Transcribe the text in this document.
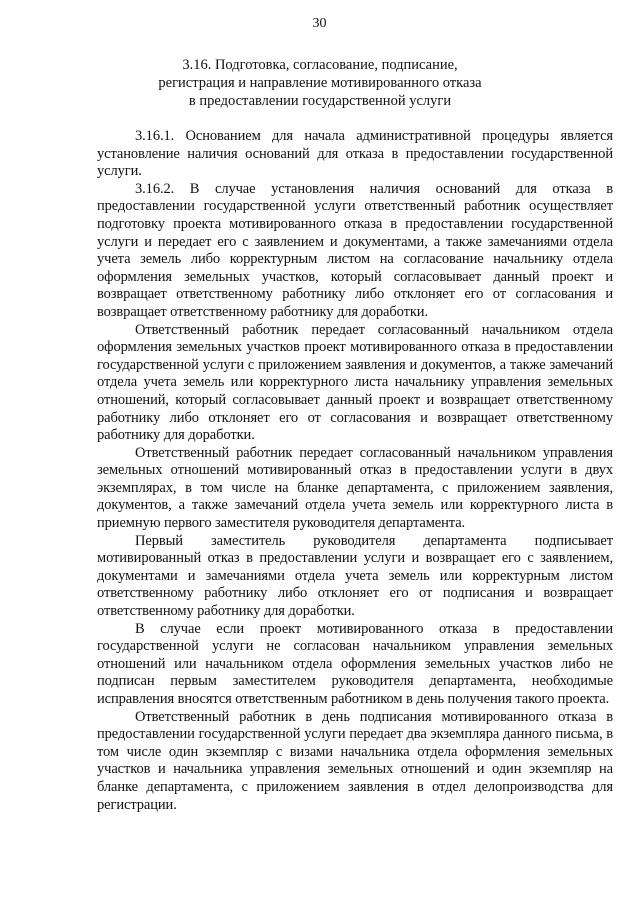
30
3.16. Подготовка, согласование, подписание,
регистрация и направление мотивированного отказа
в предоставлении государственной услуги

3.16.1. Основанием для начала административной процедуры является установление наличия оснований для отказа в предоставлении государственной услуги.

3.16.2. В случае установления наличия оснований для отказа в предоставлении государственной услуги ответственный работник осуществляет подготовку проекта мотивированного отказа в предоставлении государственной услуги и передает его с заявлением и документами, а также замечаниями отдела учета земель либо корректурным листом на согласование начальнику отдела оформления земельных участков, который согласовывает данный проект и возвращает ответственному работнику либо отклоняет его от согласования и возвращает ответственному работнику для доработки.

Ответственный работник передает согласованный начальником отдела оформления земельных участков проект мотивированного отказа в предоставлении государственной услуги с приложением заявления и документов, а также замечаний отдела учета земель или корректурного листа начальнику управления земельных отношений, который согласовывает данный проект и возвращает ответственному работнику либо отклоняет его от согласования и возвращает ответственному работнику для доработки.

Ответственный работник передает согласованный начальником управления земельных отношений мотивированный отказ в предоставлении услуги в двух экземплярах, в том числе на бланке департамента, с приложением заявления, документов, а также замечаний отдела учета земель или корректурного листа в приемную первого заместителя руководителя департамента.

Первый заместитель руководителя департамента подписывает мотивированный отказ в предоставлении услуги и возвращает его с заявлением, документами и замечаниями отдела учета земель или корректурным листом ответственному работнику либо отклоняет его от подписания и возвращает ответственному работнику для доработки.

В случае если проект мотивированного отказа в предоставлении государственной услуги не согласован начальником управления земельных отношений или начальником отдела оформления земельных участков либо не подписан первым заместителем руководителя департамента, необходимые исправления вносятся ответственным работником в день получения такого проекта.

Ответственный работник в день подписания мотивированного отказа в предоставлении государственной услуги передает два экземпляра данного письма, в том числе один экземпляр с визами начальника отдела оформления земельных участков и начальника управления земельных отношений и один экземпляр на бланке департамента, с приложением заявления в отдел делопроизводства для регистрации.
